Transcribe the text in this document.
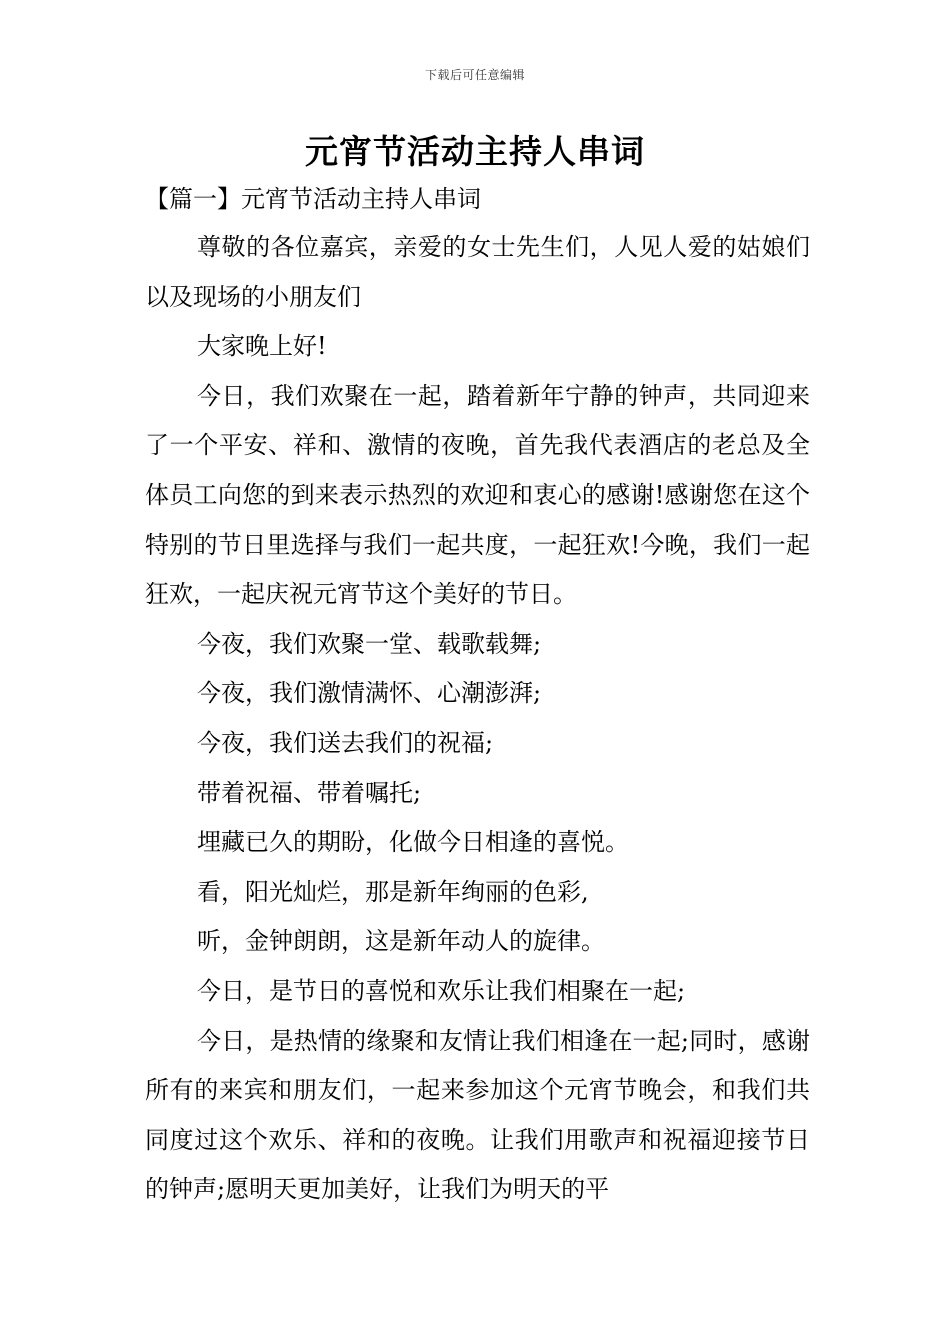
下载后可任意编辑
元宵节活动主持人串词
【篇一】元宵节活动主持人串词

尊敬的各位嘉宾，亲爱的女士先生们，人见人爱的姑娘们以及现场的小朋友们

大家晚上好!

今日，我们欢聚在一起，踏着新年宁静的钟声，共同迎来了一个平安、祥和、激情的夜晚，首先我代表酒店的老总及全体员工向您的到来表示热烈的欢迎和衷心的感谢!感谢您在这个特别的节日里选择与我们一起共度，一起狂欢!今晚，我们一起狂欢，一起庆祝元宵节这个美好的节日。

今夜，我们欢聚一堂、载歌载舞;

今夜，我们激情满怀、心潮澎湃;

今夜，我们送去我们的祝福;

带着祝福、带着嘱托;

埋藏已久的期盼，化做今日相逢的喜悦。

看，阳光灿烂，那是新年绚丽的色彩,

听，金钟朗朗，这是新年动人的旋律。

今日，是节日的喜悦和欢乐让我们相聚在一起;

今日，是热情的缘聚和友情让我们相逢在一起;同时，感谢所有的来宾和朋友们，一起来参加这个元宵节晚会，和我们共同度过这个欢乐、祥和的夜晚。让我们用歌声和祝福迎接节日的钟声;愿明天更加美好，让我们为明天的平
